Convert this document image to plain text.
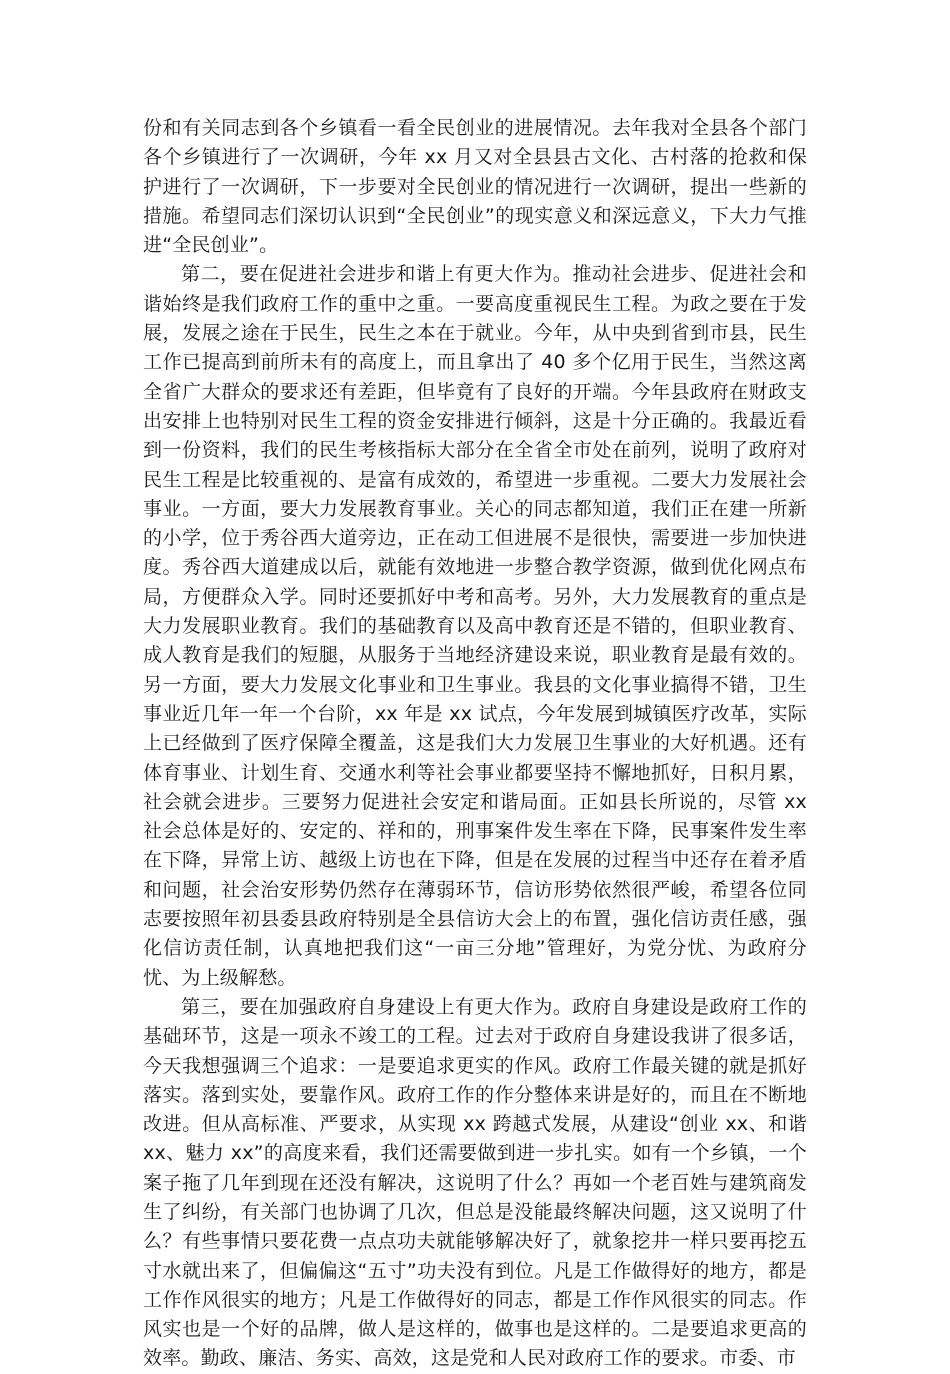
份和有关同志到各个乡镇看一看全民创业的进展情况。去年我对全县各个部门各个乡镇进行了一次调研，今年 xx 月又对全县县古文化、古村落的抢救和保护进行了一次调研，下一步要对全民创业的情况进行一次调研，提出一些新的措施。希望同志们深切认识到“全民创业”的现实意义和深远意义，下大力气推进“全民创业”。

第二，要在促进社会进步和谐上有更大作为。推动社会进步、促进社会和谐始终是我们政府工作的重中之重。一要高度重视民生工程。为政之要在于发展，发展之途在于民生，民生之本在于就业。今年，从中央到省到市县，民生工作已提高到前所未有的高度上，而且拿出了 40 多个亿用于民生，当然这离全省广大群众的要求还有差距，但毕竟有了良好的开端。今年县政府在财政支出安排上也特别对民生工程的资金安排进行倾斜，这是十分正确的。我最近看到一份资料，我们的民生考核指标大部分在全省全市处在前列，说明了政府对民生工程是比较重视的、是富有成效的，希望进一步重视。二要大力发展社会事业。一方面，要大力发展教育事业。关心的同志都知道，我们正在建一所新的小学，位于秀谷西大道旁边，正在动工但进展不是很快，需要进一步加快进度。秀谷西大道建成以后，就能有效地进一步整合教学资源，做到优化网点布局，方便群众入学。同时还要抓好中考和高考。另外，大力发展教育的重点是大力发展职业教育。我们的基础教育以及高中教育还是不错的，但职业教育、成人教育是我们的短腿，从服务于当地经济建设来说，职业教育是最有效的。另一方面，要大力发展文化事业和卫生事业。我县的文化事业搞得不错，卫生事业近几年一年一个台阶，xx 年是 xx 试点，今年发展到城镇医疗改革，实际上已经做到了医疗保障全覆盖，这是我们大力发展卫生事业的大好机遇。还有体育事业、计划生育、交通水利等社会事业都要坚持不懈地抓好，日积月累，社会就会进步。三要努力促进社会安定和谐局面。正如县长所说的，尽管 xx 社会总体是好的、安定的、祥和的，刑事案件发生率在下降，民事案件发生率在下降，异常上访、越级上访也在下降，但是在发展的过程当中还存在着矛盾和问题，社会治安形势仍然存在薄弱环节，信访形势依然很严峻，希望各位同志要按照年初县委县政府特别是全县信访大会上的布置，强化信访责任感，强化信访责任制，认真地把我们这“一亩三分地”管理好，为党分忧、为政府分忧、为上级解愁。

第三，要在加强政府自身建设上有更大作为。政府自身建设是政府工作的基础环节，这是一项永不竣工的工程。过去对于政府自身建设我讲了很多话，今天我想强调三个追求：一是要追求更实的作风。政府工作最关键的就是抓好落实。落到实处，要靠作风。政府工作的作分整体来讲是好的，而且在不断地改进。但从高标准、严要求，从实现 xx 跨越式发展，从建设“创业 xx、和谐xx、魅力 xx”的高度来看，我们还需要做到进一步扎实。如有一个乡镇，一个案子拖了几年到现在还没有解决，这说明了什么？再如一个老百姓与建筑商发生了纠纷，有关部门也协调了几次，但总是没能最终解决问题，这又说明了什么？有些事情只要花费一点点功夫就能够解决好了，就象挖井一样只要再挖五寸水就出来了，但偏偏这“五寸”功夫没有到位。凡是工作做得好的地方，都是工作作风很实的地方；凡是工作做得好的同志，都是工作作风很实的同志。作风实也是一个好的品牌，做人是这样的，做事也是这样的。二是要追求更高的效率。勤政、廉洁、务实、高效，这是党和人民对政府工作的要求。市委、市
